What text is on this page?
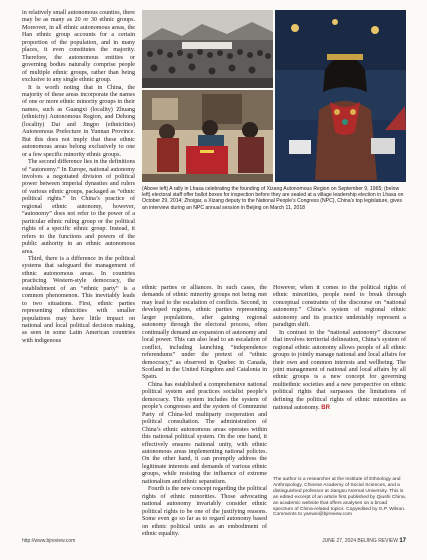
in relatively small autonomous counties, there may be as many as 20 or 30 ethnic groups. Moreover, in all ethnic autonomous areas, the Han ethnic group accounts for a certain proportion of the population, and in many places, it even constitutes the majority. Therefore, the autonomous entities or governing bodies naturally comprise people of multiple ethnic groups, rather than being exclusive to any single ethnic group.

It is worth noting that in China, the majority of these areas incorporate the names of one or more ethnic minority groups in their names, such as Guangxi (locality) Zhuang (ethnicity) Autonomous Region, and Dehong (locality) Dai and Jingpo (ethnicities) Autonomous Prefecture in Yunnan Province. But this does not imply that these ethnic autonomous areas belong exclusively to one or a few specific minority ethnic groups.

The second difference lies in the definitions of “autonomy.” In Europe, national autonomy involves a negotiated division of political power between imperial dynasties and rulers of various ethnic groups, packaged as “ethnic political rights.” In China’s practice of regional ethnic autonomy, however, “autonomy” does not refer to the power of a particular ethnic ruling group or the political rights of a specific ethnic group. Instead, it refers to the functions and powers of the public authority in an ethnic autonomous area.

Third, there is a difference in the political systems that safeguard the management of ethnic autonomous areas. In countries practicing Western-style democracy, the establishment of an “ethnic party” is a common phenomenon. This inevitably leads to two situations. First, ethnic parties representing ethnicities with smaller populations may have little impact on national and local political decision making, as seen in some Latin American countries with indigenous

(Above left) A rally in Lhasa celebrating the founding of Xizang Autonomous Region on September 9, 1965; (below left) electoral staff offer ballot boxes for inspection before they are sealed at a village leadership election in Lhasa on October 29, 2014; Zhoigar, a Xizang deputy to the National People’s Congress (NPC), China’s top legislature, gives an interview during an NPC annual session in Beijing on March 11, 2018

ethnic parties or alliances. In such cases, the demands of ethnic minority groups not being met may lead to the escalation of conflicts. Second, in developed regions, ethnic parties representing larger populations, after gaining regional autonomy through the electoral process, often continually demand an expansion of autonomy and local power. This can also lead to an escalation of conflict, including launching “independence referendums” under the pretext of “ethnic democracy,” as observed in Quebec in Canada, Scotland in the United Kingdom and Catalonia in Spain.

China has established a comprehensive national political system and practices socialist people’s democracy. This system includes the system of people’s congresses and the system of Communist Party of China-led multiparty cooperation and political consultation. The administration of China’s ethnic autonomous areas operates within this national political system. On the one hand, it effectively ensures national unity, with ethnic autonomous areas implementing national policies. On the other hand, it can promptly address the legitimate interests and demands of various ethnic groups, while resisting the influence of extreme nationalism and ethnic separatism.

Fourth is the new concept regarding the political rights of ethnic minorities. Those advocating national autonomy invariably consider ethnic political rights to be one of the justifying reasons. Some even go so far as to regard autonomy based on ethnic political units as an embodiment of ethnic equality.

However, when it comes to the political rights of ethnic minorities, people need to break through conceptual constraints of the discourse on “national autonomy.” China’s system of regional ethnic autonomy and its practice undeniably represent a paradigm shift.

In contrast to the “national autonomy” discourse that involves territorial delineation, China’s system of regional ethnic autonomy allows people of all ethnic groups to jointly manage national and local affairs for their own and common interests and wellbeing. The joint management of national and local affairs by all ethnic groups is a new concept for governing multiethnic societies and a new perspective on ethnic political rights that surpasses the limitations of defining the political rights of ethnic minorities as national autonomy. BR

The author is a researcher at the Institute of Ethnology and Anthropology, Chinese Academy of Social Sciences, and a distinguished professor at Jiangsu Normal University. This is an edited excerpt of an article first published by Qiushi China, an academic website that offers analyses on a broad spectrum of China-related topics. Copyedited by G.P. Wilson. Comments to yanwei@bjreview.com
http://www.bjreview.com	JUNE 27, 2024 BEIJING REVIEW 17
